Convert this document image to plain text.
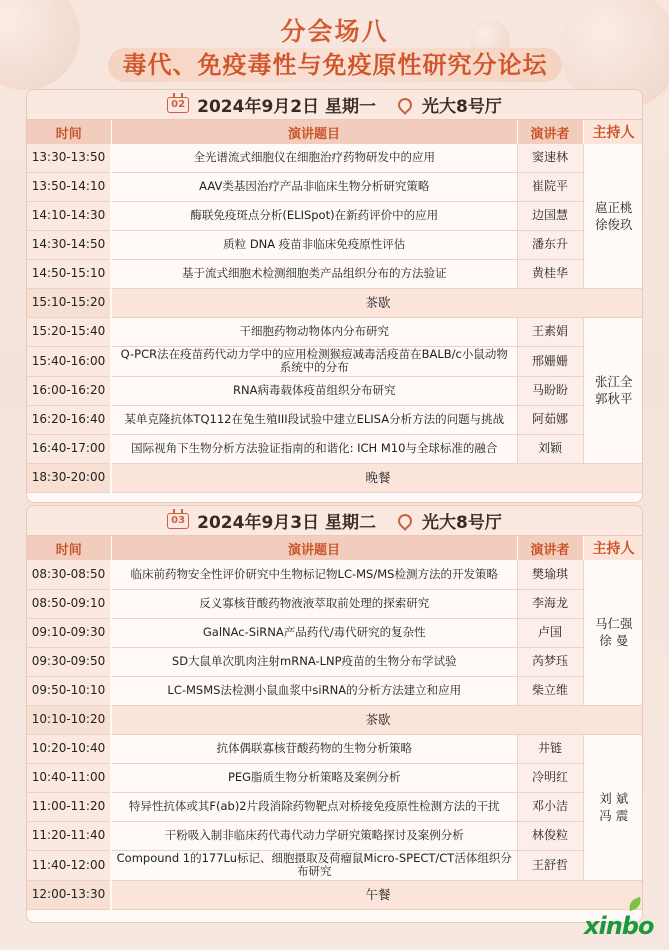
分会场八
毒代、免疫毒性与免疫原性研究分论坛
02 2024年9月2日 星期一	光大8号厅
时间	演讲题目	演讲者	主持人
13:30-13:50	全光谱流式细胞仪在细胞治疗药物研发中的应用	窦速林	扈正桃
徐俊玖

13:50-14:10	AAV类基因治疗产品非临床生物分析研究策略	崔院平	
14:10-14:30	酶联免疫斑点分析(ELISpot)在新药评价中的应用	边国慧	
14:30-14:50	质粒 DNA 疫苗非临床免疫原性评估	潘东升	
14:50-15:10	基于流式细胞术检测细胞类产品组织分布的方法验证	黄桂华	
15:10-15:20	茶歇		
15:20-15:40	干细胞药物动物体内分布研究	王素娟	张江全
郭秋平

15:40-16:00	Q-PCR法在疫苗药代动力学中的应用检测猴痘减毒活疫苗在BALB/c小鼠动物系统中的分布	邢姗姗	
16:00-16:20	RNA病毒载体疫苗组织分布研究	马盼盼	
16:20-16:40	某单克隆抗体TQ112在兔生殖III段试验中建立ELISA分析方法的问题与挑战	阿茹娜	
16:40-17:00	国际视角下生物分析方法验证指南的和谐化: ICH M10与全球标准的融合	刘颖	
18:30-20:00	晚餐		
03 2024年9月3日 星期二	光大8号厅
时间	演讲题目	演讲者	主持人
08:30-08:50	临床前药物安全性评价研究中生物标记物LC-MS/MS检测方法的开发策略	樊瑜琪	马仁强
徐 曼

08:50-09:10	反义寡核苷酸药物液液萃取前处理的探索研究	李海龙	
09:10-09:30	GalNAc-SiRNA产品药代/毒代研究的复杂性	卢国	
09:30-09:50	SD大鼠单次肌肉注射mRNA-LNP疫苗的生物分布学试验	芮梦珏	
09:50-10:10	LC-MSMS法检测小鼠血浆中siRNA的分析方法建立和应用	柴立维	
10:10-10:20	茶歇		
10:20-10:40	抗体偶联寡核苷酸药物的生物分析策略	井链	刘 斌
冯 震

10:40-11:00	PEG脂质生物分析策略及案例分析	冷明红	
11:00-11:20	特异性抗体或其F(ab)2片段消除药物靶点对桥接免疫原性检测方法的干扰	邓小洁	
11:20-11:40	干粉吸入制非临床药代毒代动力学研究策略探讨及案例分析	林俊粒	
11:40-12:00	Compound 1的177Lu标记、细胞摄取及荷瘤鼠Micro-SPECT/CT活体组织分布研究	王舒哲	
12:00-13:30	午餐		
xinbo
